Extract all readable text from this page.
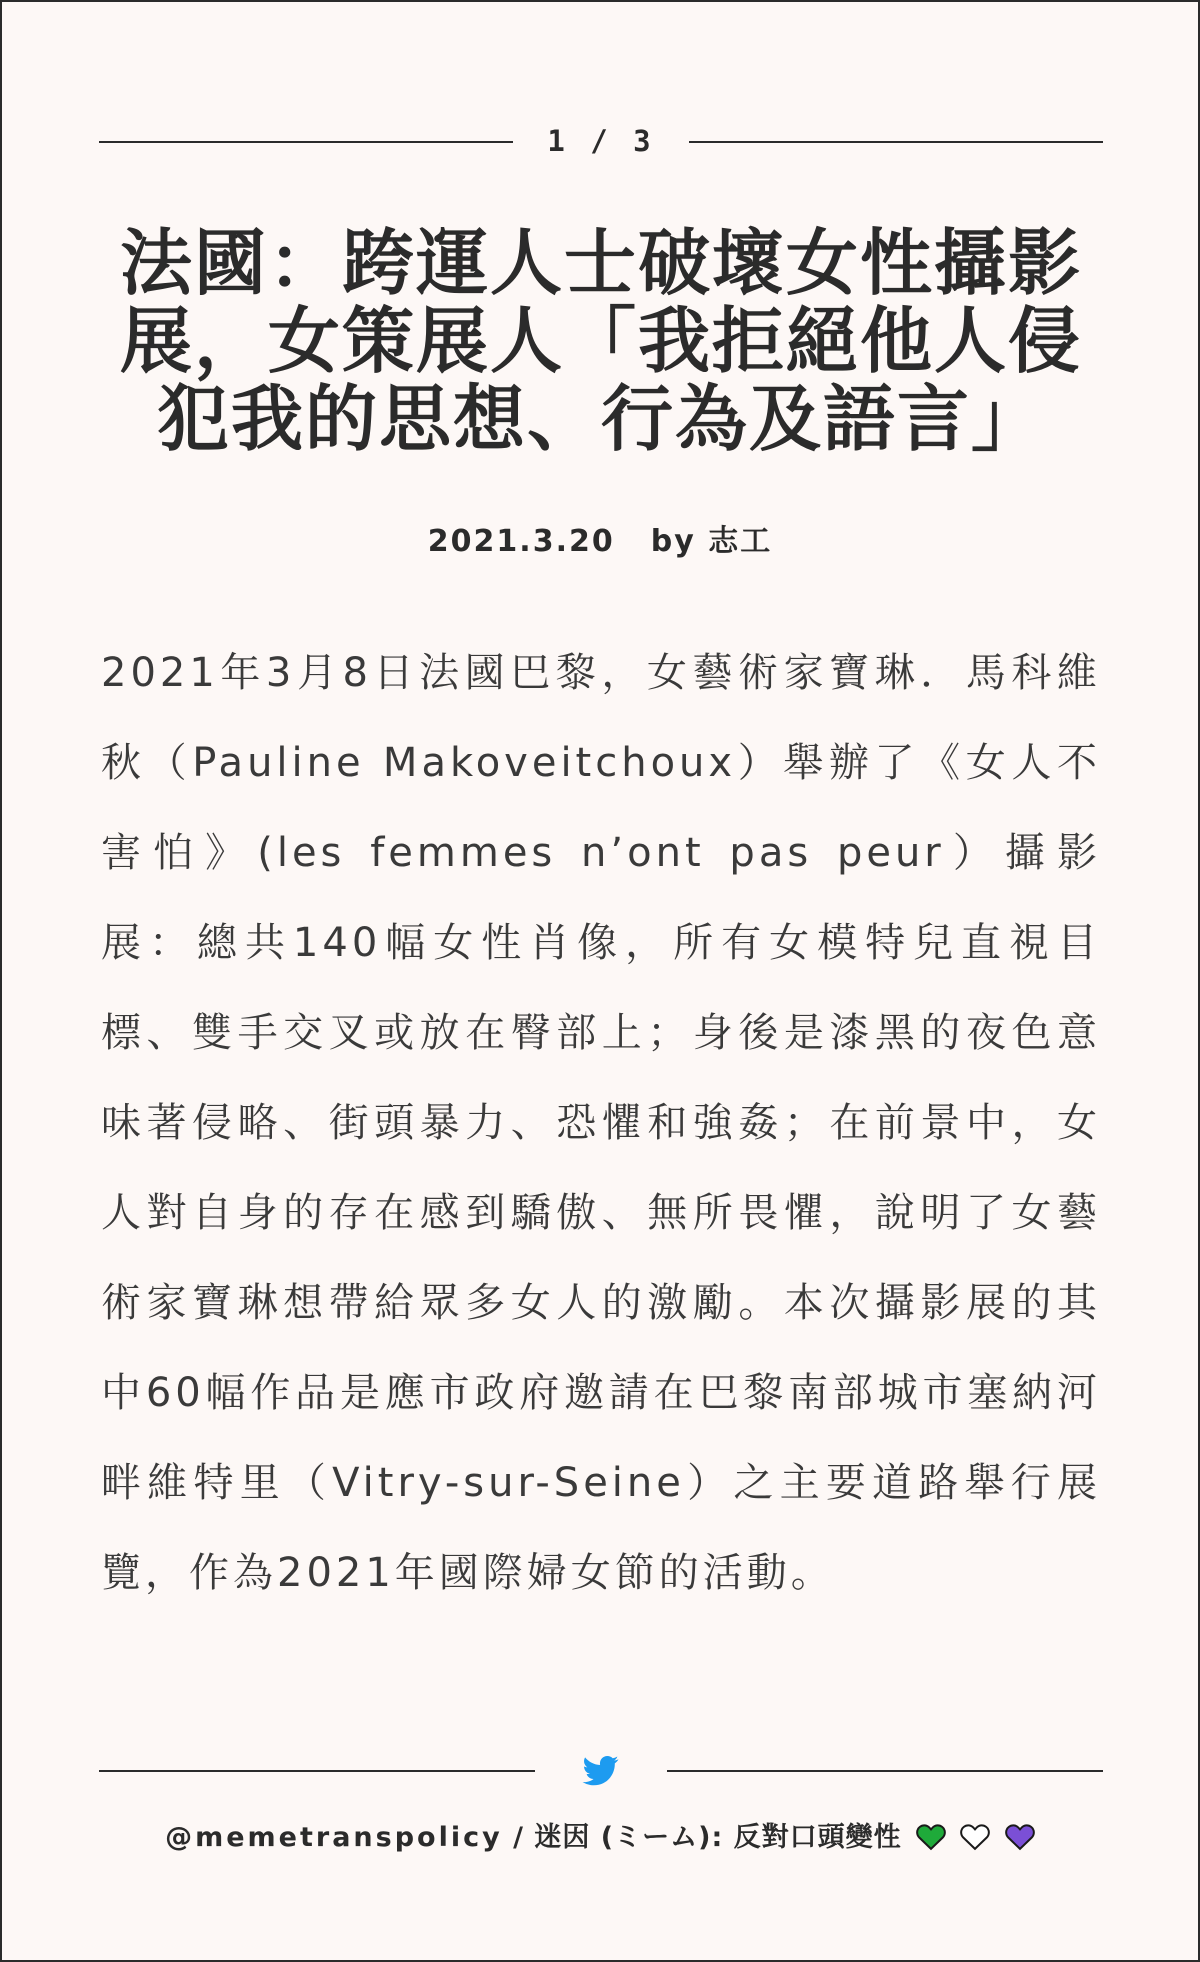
1 / 3
法國：跨運人士破壞女性攝影展，女策展人「我拒絕他人侵犯我的思想、行為及語言」
2021.3.20 by 志工

2021年3月8日法國巴黎，女藝術家寶琳．馬科維秋（Pauline Makoveitchoux）舉辦了《女人不害怕》(les femmes n’ont pas peur）攝影展：總共140幅女性肖像，所有女模特兒直視目標、雙手交叉或放在臀部上；身後是漆黑的夜色意味著侵略、街頭暴力、恐懼和強姦；在前景中，女人對自身的存在感到驕傲、無所畏懼，說明了女藝術家寶琳想帶給眾多女人的激勵。本次攝影展的其中60幅作品是應市政府邀請在巴黎南部城市塞納河畔維特里（Vitry-sur-Seine）之主要道路舉行展覽，作為2021年國際婦女節的活動。

@memetranspolicy / 迷因 (ミーム): 反對口頭變性
